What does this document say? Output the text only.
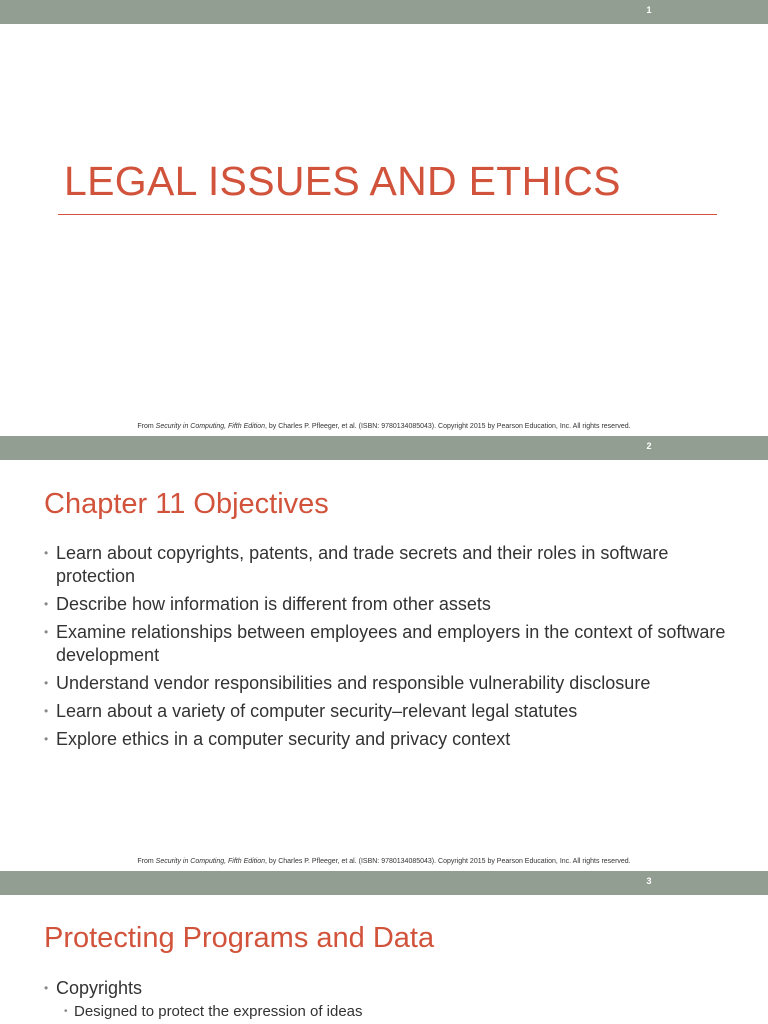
1
LEGAL ISSUES AND ETHICS
From Security in Computing, Fifth Edition, by Charles P. Pfleeger, et al. (ISBN: 9780134085043). Copyright 2015 by Pearson Education, Inc. All rights reserved.
2
Chapter 11 Objectives
• Learn about copyrights, patents, and trade secrets and their roles in software protection
• Describe how information is different from other assets
• Examine relationships between employees and employers in the context of software development
• Understand vendor responsibilities and responsible vulnerability disclosure
• Learn about a variety of computer security–relevant legal statutes
• Explore ethics in a computer security and privacy context
From Security in Computing, Fifth Edition, by Charles P. Pfleeger, et al. (ISBN: 9780134085043). Copyright 2015 by Pearson Education, Inc. All rights reserved.
3
Protecting Programs and Data
• Copyrights
• Designed to protect the expression of ideas
